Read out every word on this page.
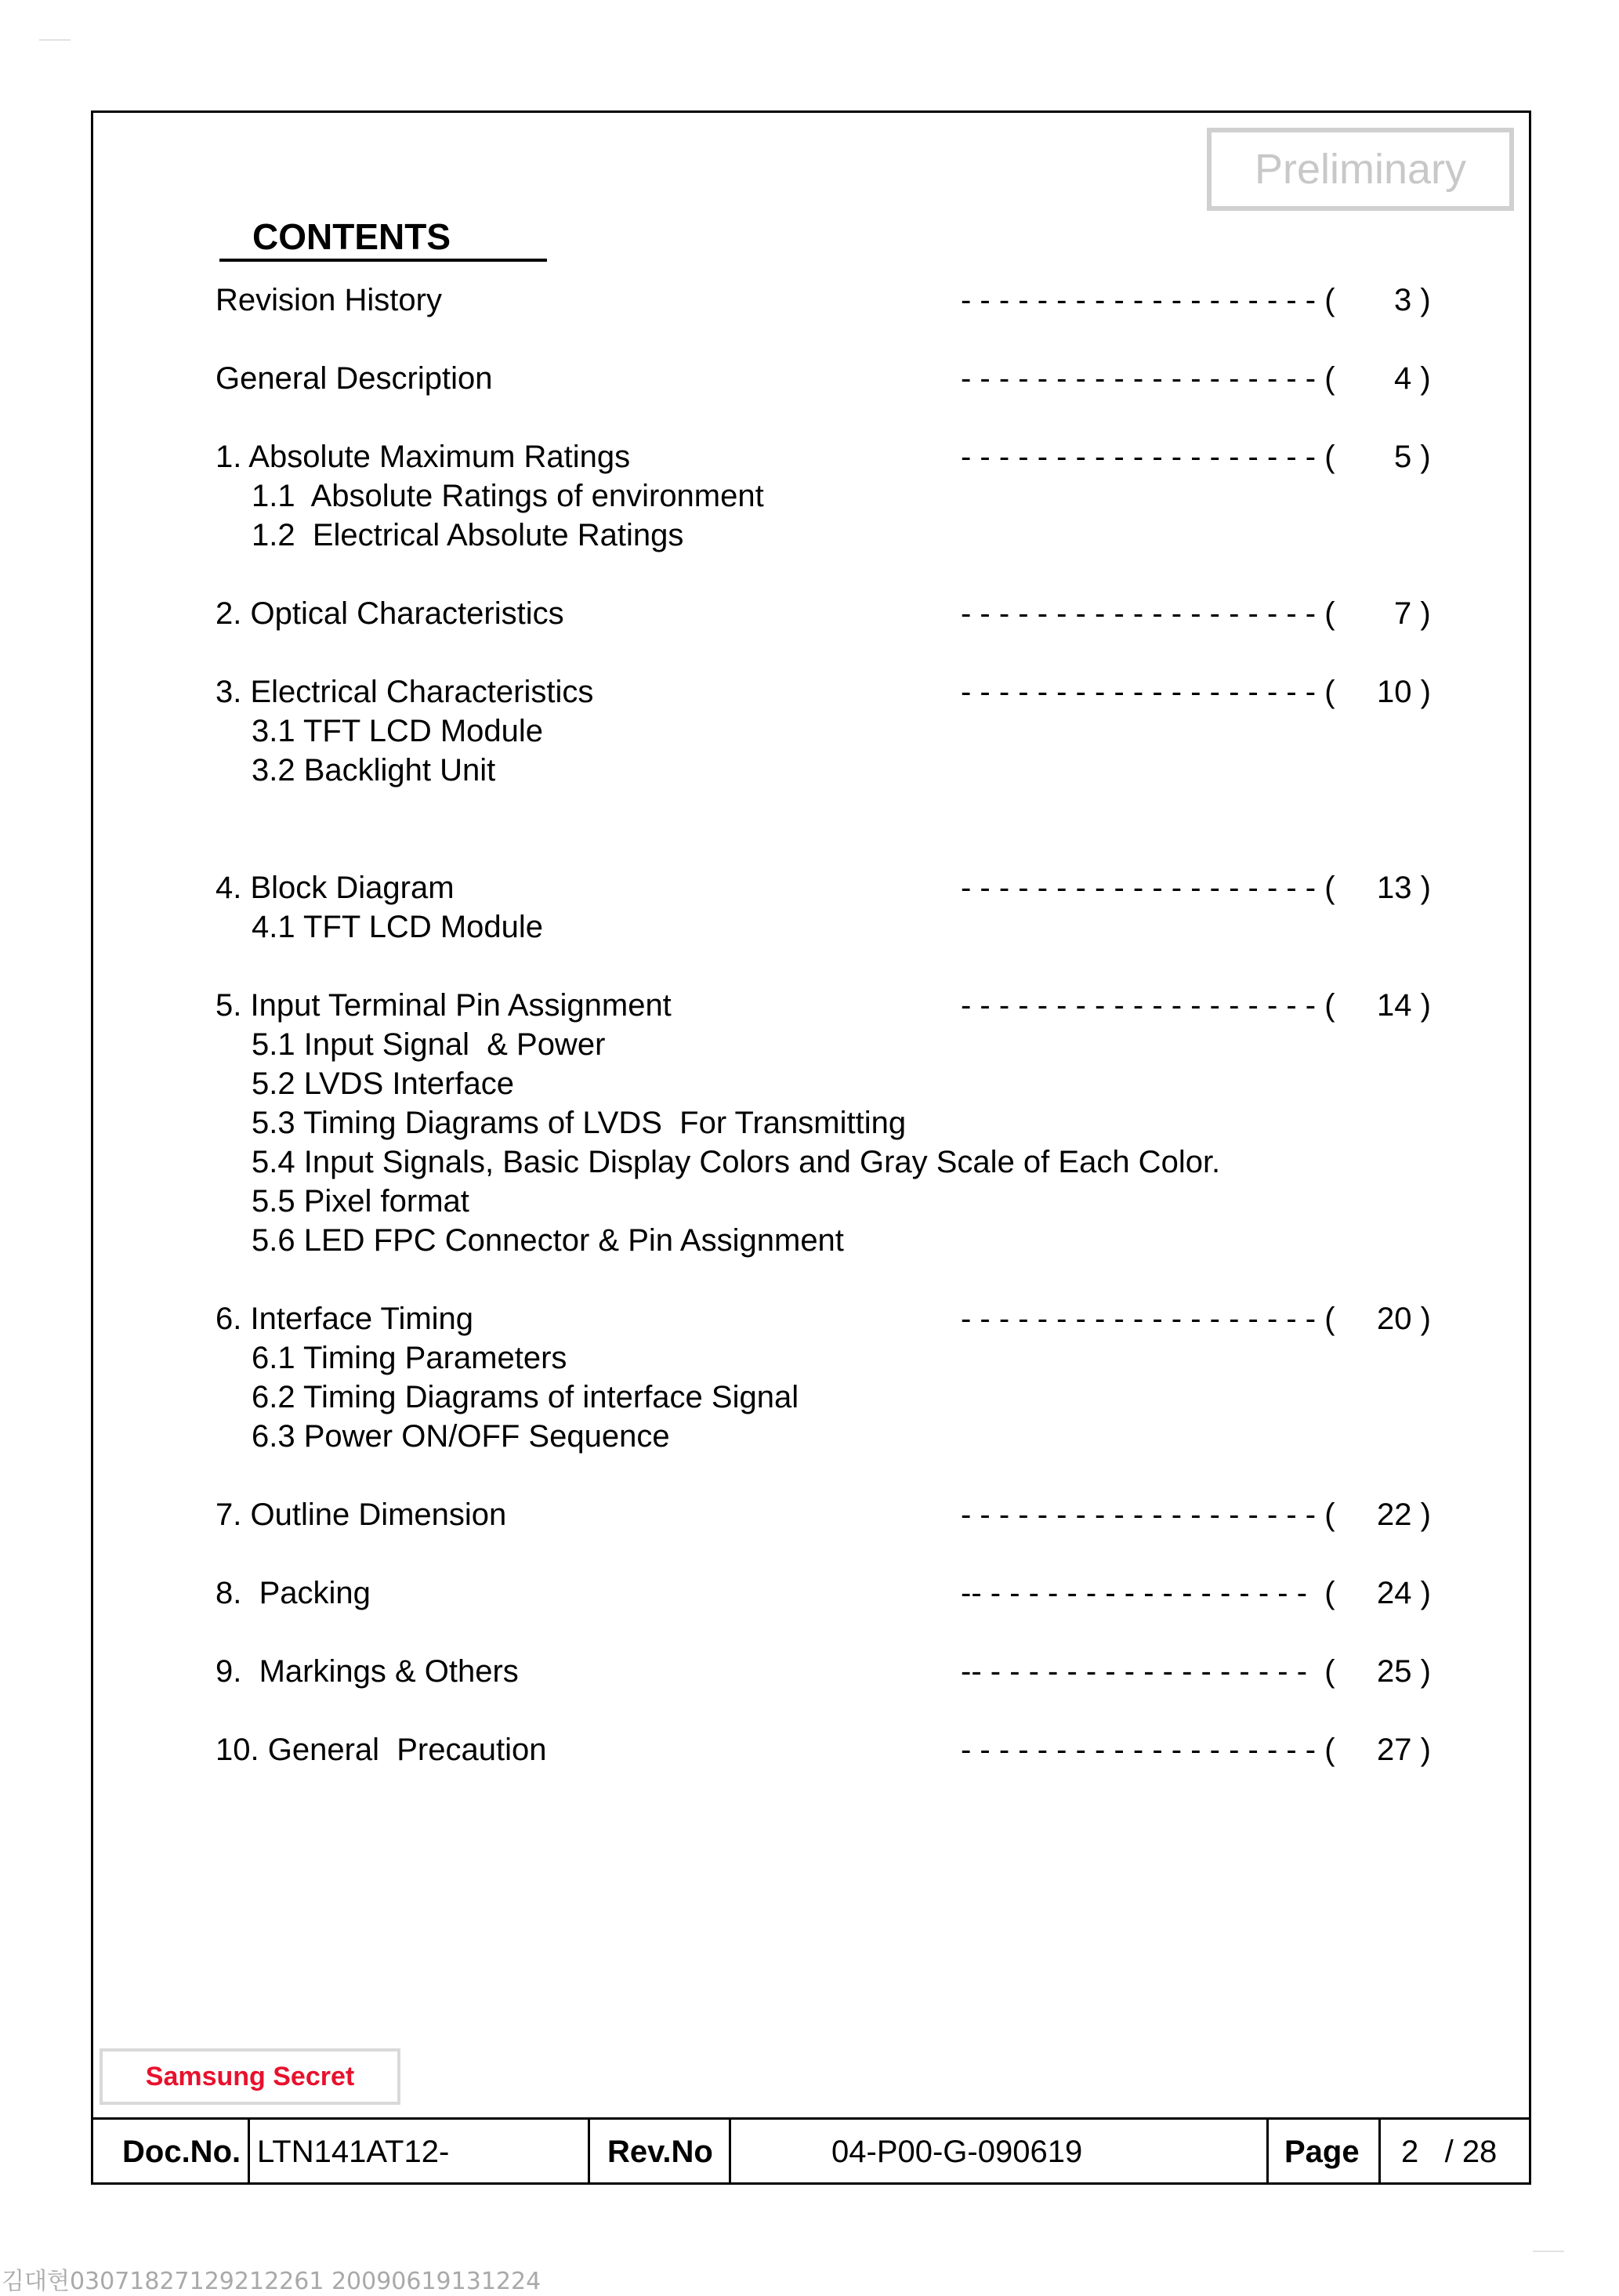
Preliminary
CONTENTS
Revision History	- - - - - - - - - - - - - - - - - - - ( 3 )
General Description	- - - - - - - - - - - - - - - - - - - ( 4 )
1. Absolute Maximum Ratings	- - - - - - - - - - - - - - - - - - - ( 5 )
1.1  Absolute Ratings of environment
1.2  Electrical Absolute Ratings
2. Optical Characteristics	- - - - - - - - - - - - - - - - - - - ( 7 )
3. Electrical Characteristics	- - - - - - - - - - - - - - - - - - - ( 10 )
3.1 TFT LCD Module
3.2 Backlight Unit
4. Block Diagram	- - - - - - - - - - - - - - - - - - - ( 13 )
4.1 TFT LCD Module
5. Input Terminal Pin Assignment	- - - - - - - - - - - - - - - - - - - ( 14 )
5.1 Input Signal  & Power
5.2 LVDS Interface
5.3 Timing Diagrams of LVDS  For Transmitting
5.4 Input Signals, Basic Display Colors and Gray Scale of Each Color.
5.5 Pixel format
5.6 LED FPC Connector & Pin Assignment
6. Interface Timing	- - - - - - - - - - - - - - - - - - - ( 20 )
6.1 Timing Parameters
6.2 Timing Diagrams of interface Signal
6.3 Power ON/OFF Sequence
7. Outline Dimension	- - - - - - - - - - - - - - - - - - - ( 22 )
8.  Packing	-- - - - - - - - - - - - - - - - - -  ( 24 )
9.  Markings & Others	-- - - - - - - - - - - - - - - - - -  ( 25 )
10. General  Precaution	- - - - - - - - - - - - - - - - - - - ( 27 )
Samsung Secret
Doc.No. LTN141AT12-	Rev.No	04-P00-G-090619	Page 2   / 28
김대현0307182712921226​1 20090619131224
